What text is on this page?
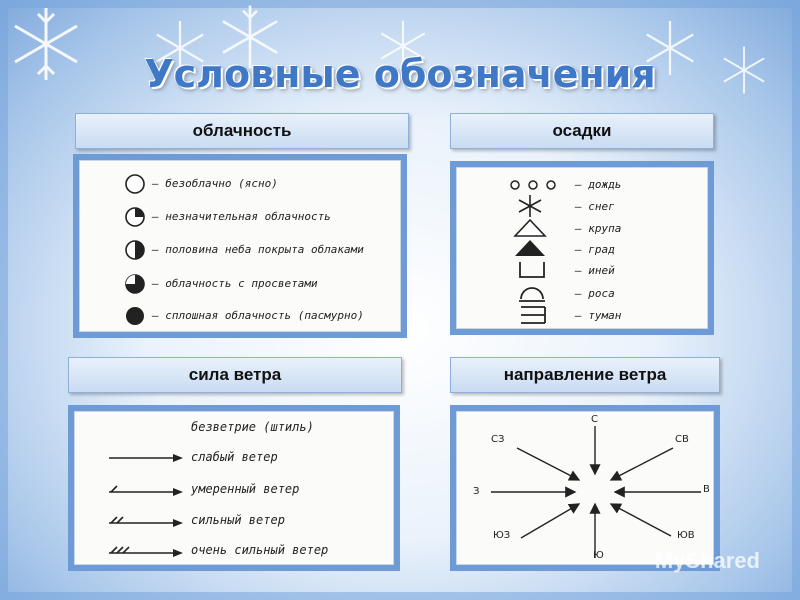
Условные обозначения
облачность	осадки
сила ветра	направление ветра
— безоблачно (ясно)
— незначительная облачность
— половина неба покрыта облаками
— облачность с просветами
— сплошная облачность (пасмурно)
— дождь
— снег
— крупа
— град
— иней
— роса
— туман
безветрие (штиль)
слабый ветер
умеренный ветер
сильный ветер
очень сильный ветер
С
СЗ	СВ
З	В
ЮЗ	ЮВ
Ю MyShared
